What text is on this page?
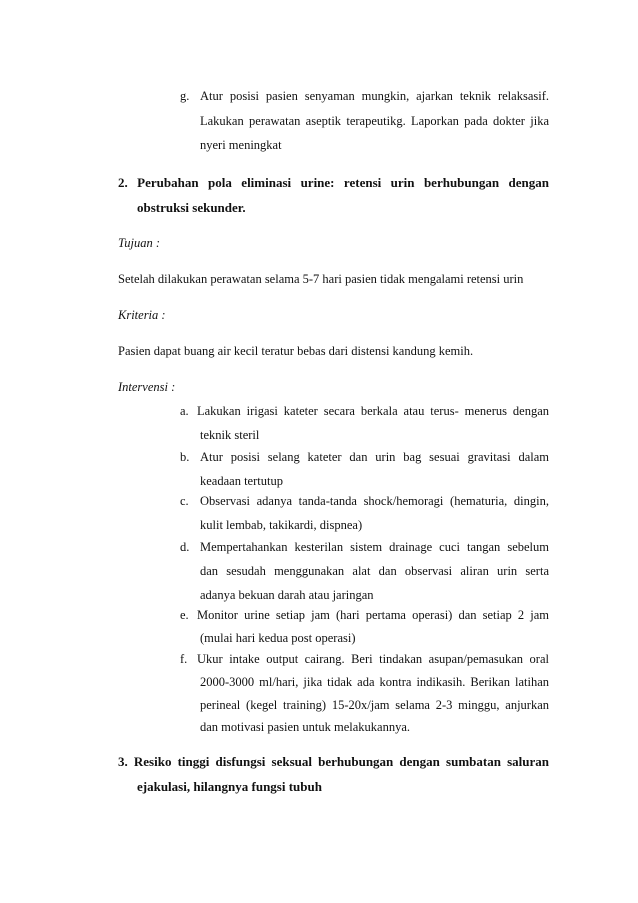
g. Atur posisi pasien senyaman mungkin, ajarkan teknik relaksasif.
Lakukan perawatan aseptik terapeutikg. Laporkan pada dokter jika
nyeri meningkat
2. Perubahan pola eliminasi urine: retensi urin berhubungan dengan
obstruksi sekunder.
Tujuan :
Setelah dilakukan perawatan selama 5-7 hari pasien tidak mengalami retensi urin
Kriteria :
Pasien dapat buang air kecil teratur bebas dari distensi kandung kemih.
Intervensi :
a. Lakukan irigasi kateter secara berkala atau terus- menerus dengan
teknik steril
b. Atur posisi selang kateter dan urin bag sesuai gravitasi dalam
keadaan tertutup
c. Observasi adanya tanda-tanda shock/hemoragi (hematuria, dingin,
kulit lembab, takikardi, dispnea)
d. Mempertahankan kesterilan sistem drainage cuci tangan sebelum
dan sesudah menggunakan alat dan observasi aliran urin serta
adanya bekuan darah atau jaringan
e. Monitor urine setiap jam (hari pertama operasi) dan setiap 2 jam
(mulai hari kedua post operasi)
f. Ukur intake output cairang. Beri tindakan asupan/pemasukan oral
2000-3000 ml/hari, jika tidak ada kontra indikasih. Berikan latihan
perineal (kegel training) 15-20x/jam selama 2-3 minggu, anjurkan
dan motivasi pasien untuk melakukannya.
3. Resiko tinggi disfungsi seksual berhubungan dengan sumbatan saluran
ejakulasi, hilangnya fungsi tubuh
